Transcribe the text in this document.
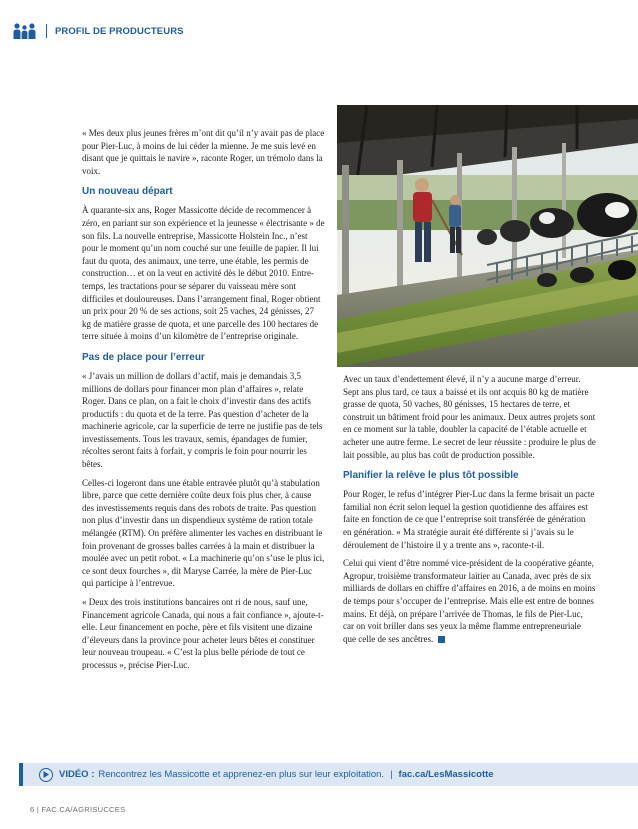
PROFIL DE PRODUCTEURS

« Mes deux plus jeunes frères m’ont dit qu’il n’y avait pas de place pour Pier-Luc, à moins de lui céder la mienne. Je me suis levé en disant que je quittais le navire », raconte Roger, un trémolo dans la voix.

Un nouveau départ

À quarante-six ans, Roger Massicotte décide de recommencer à zéro, en pariant sur son expérience et la jeunesse « électrisante » de son fils. La nouvelle entreprise, Massicotte Holstein Inc., n’est pour le moment qu’un nom couché sur une feuille de papier. Il lui faut du quota, des animaux, une terre, une étable, les permis de construction… et on la veut en activité dès le début 2010. Entre-temps, les tractations pour se séparer du vaisseau mère sont difficiles et douloureuses. Dans l’arrangement final, Roger obtient un prix pour 20 % de ses actions, soit 25 vaches, 24 génisses, 27 kg de matière grasse de quota, et une parcelle des 100 hectares de terre située à moins d’un kilomètre de l’entreprise originale.

Pas de place pour l’erreur

« J’avais un million de dollars d’actif, mais je demandais 3,5 millions de dollars pour financer mon plan d’affaires », relate Roger. Dans ce plan, on a fait le choix d’investir dans des actifs productifs : du quota et de la terre. Pas question d’acheter de la machinerie agricole, car la superficie de terre ne justifie pas de tels investissements. Tous les travaux, semis, épandages de fumier, récoltes seront faits à forfait, y compris le foin pour nourrir les bêtes.

Celles-ci logeront dans une étable entravée plutôt qu’à stabulation libre, parce que cette dernière coûte deux fois plus cher, à cause des investissements requis dans des robots de traite. Pas question non plus d’investir dans un dispendieux système de ration totale mélangée (RTM). On préfère alimenter les vaches en distribuant le foin provenant de grosses balles carrées à la main et distribuer la moulée avec un petit robot. « La machinerie qu’on s’use le plus ici, ce sont deux fourches », dit Maryse Carrée, la mère de Pier-Luc qui participe à l’entrevue.

« Deux des trois institutions bancaires ont ri de nous, sauf une, Financement agricole Canada, qui nous a fait confiance », ajoute-t-elle. Leur financement en poche, père et fils visitent une dizaine d’éleveurs dans la province pour acheter leurs bêtes et constituer leur nouveau troupeau. « C’est la plus belle période de tout ce processus », précise Pier-Luc.

Avec un taux d’endettement élevé, il n’y a aucune marge d’erreur. Sept ans plus tard, ce taux a baissé et ils ont acquis 80 kg de matière grasse de quota, 50 vaches, 80 génisses, 15 hectares de terre, et construit un bâtiment froid pour les animaux. Deux autres projets sont en ce moment sur la table, doubler la capacité de l’étable actuelle et acheter une autre ferme. Le secret de leur réussite : produire le plus de lait possible, au plus bas coût de production possible.

Planifier la relève le plus tôt possible

Pour Roger, le refus d’intégrer Pier-Luc dans la ferme brisait un pacte familial non écrit selon lequel la gestion quotidienne des affaires est faite en fonction de ce que l’entreprise soit transférée de génération en génération. « Ma stratégie aurait été différente si j’avais su le déroulement de l’histoire il y a trente ans », raconte-t-il.

Celui qui vient d’être nommé vice-président de la coopérative géante, Agropur, troisième transformateur laitier au Canada, avec près de six milliards de dollars en chiffre d’affaires en 2016, a de moins en moins de temps pour s’occuper de l’entreprise. Mais elle est entre de bonnes mains. Et déjà, on prépare l’arrivée de Thomas, le fils de Pier-Luc, car on voit briller dans ses yeux la même flamme entrepreneuriale que celle de ses ancêtres.

VIDÉO : Rencontrez les Massicotte et apprenez-en plus sur leur exploitation. | fac.ca/LesMassicotte
6 | FAC.CA/AGRISUCCES
